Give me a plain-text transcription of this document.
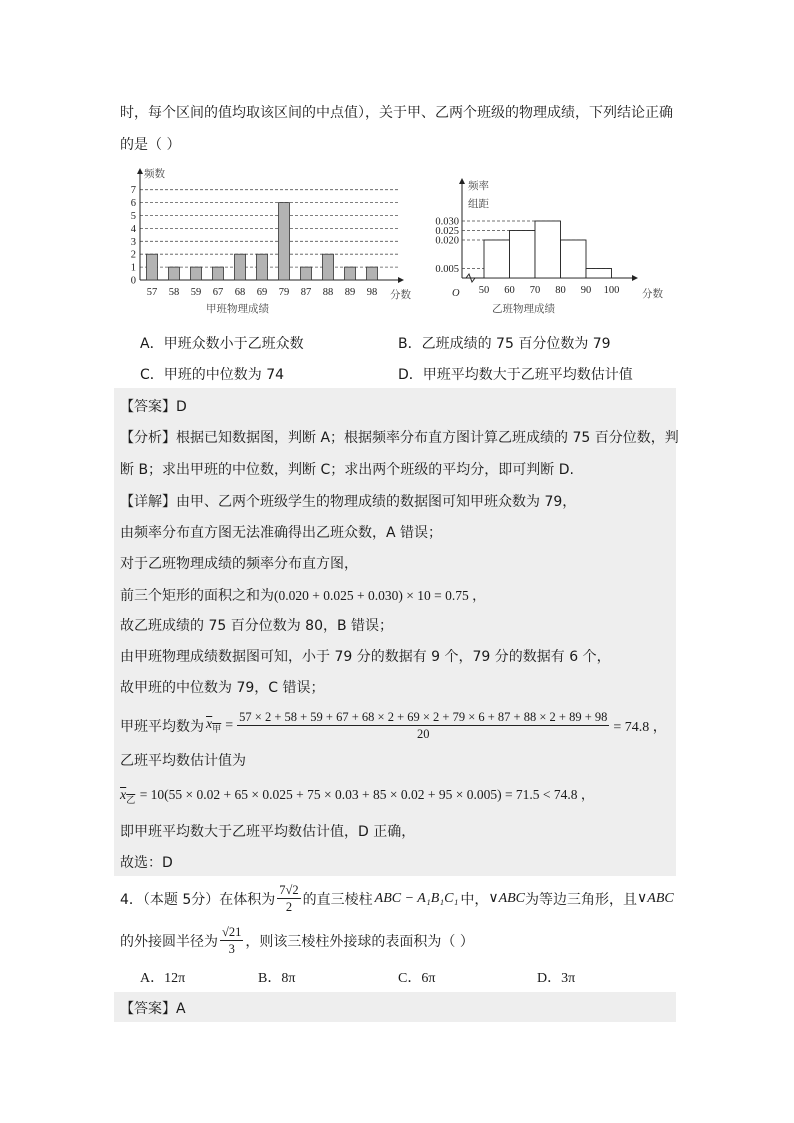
时，每个区间的值均取该区间的中点值），关于甲、乙两个班级的物理成绩，下列结论正确
的是（ ）
0
1
2
3
4
5
6
7
57 58 59 67 68 69 79 87 88 89 98
频数
分数
甲班物理成绩
0.030
0.025
0.020
0.005
50 60 70 80 90 100
频率
组距
O	分数
乙班物理成绩
A．甲班众数小于乙班众数	B．乙班成绩的 75 百分位数为 79
C．甲班的中位数为 74	D．甲班平均数大于乙班平均数估计值
【答案】D
【分析】根据已知数据图，判断 A；根据频率分布直方图计算乙班成绩的 75 百分位数，判
断 B；求出甲班的中位数，判断 C；求出两个班级的平均分，即可判断 D.
【详解】由甲、乙两个班级学生的物理成绩的数据图可知甲班众数为 79，
由频率分布直方图无法准确得出乙班众数，A 错误；
对于乙班物理成绩的频率分布直方图，
前三个矩形的面积之和为(0.020 + 0.025 + 0.030) × 10 = 0.75 ，
故乙班成绩的 75 百分位数为 80，B 错误；
由甲班物理成绩数据图可知，小于 79 分的数据有 9 个，79 分的数据有 6 个，
故甲班的中位数为 79，C 错误；
甲班平均数为 $x_甲$ =
57 × 2 + 58 + 59 + 67 + 68 × 2 + 69 × 2 + 79 × 6 + 87 + 88 × 2 + 89 + 98
20	= 74.8 ，
乙班平均数估计值为
$x_乙 = 10(55 \times 0.02 + 65 \times 0.025 + 75 \times 0.03 + 85 \times 0.02 + 95 \times 0.005) = 71.5 < 74.8$ ，
即甲班平均数大于乙班平均数估计值，D 正确，
故选：D
4．（本题 5分）在体积为 $\frac{7√2}{2}$ 的直三棱柱 ABC − A₁B₁C₁ 中， ∨ABC 为等边三角形，且 ∨ABC
的外接圆半径为 $\frac{√21}{3}$ ，则该三棱柱外接球的表面积为（ ）
A．12π	B．8π	C．6π	D．3π
【答案】A
